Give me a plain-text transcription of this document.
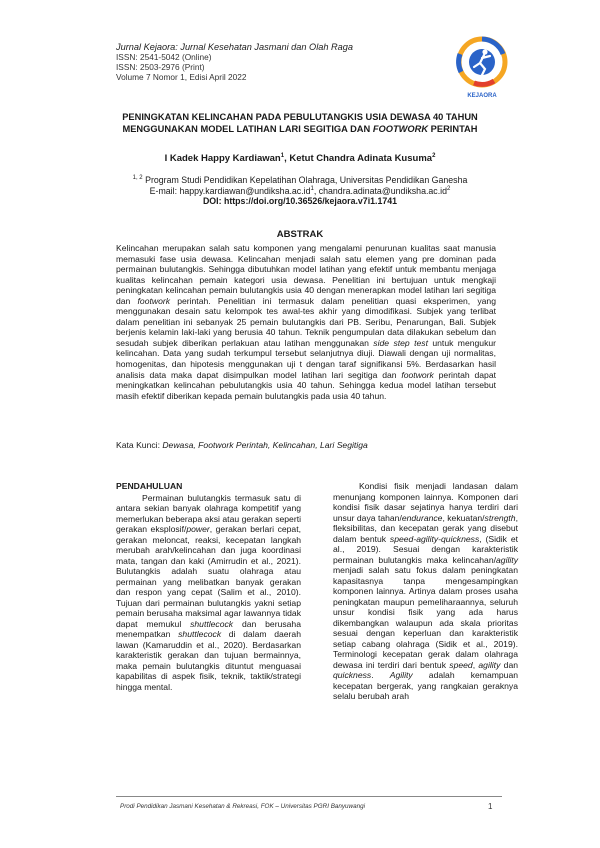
Jurnal Kejaora: Jurnal Kesehatan Jasmani dan Olah Raga
ISSN: 2541-5042 (Online)
ISSN: 2503-2976 (Print)
Volume 7 Nomor 1, Edisi April 2022
KEJAORA
PENINGKATAN KELINCAHAN PADA PEBULUTANGKIS USIA DEWASA 40 TAHUN
MENGGUNAKAN MODEL LATIHAN LARI SEGITIGA DAN FOOTWORK PERINTAH
I Kadek Happy Kardiawan$^1$, Ketut Chandra Adinata Kusuma$^2$
$^{1, 2}$ Program Studi Pendidikan Kepelatihan Olahraga, Universitas Pendidikan Ganesha
E-mail: $happy.kardiawan@undiksha.ac.id^1$, $chandra.adinata@undiksha.ac.id^2$
DOI: https://doi.org/10.36526/kejaora.v7i1.1741
ABSTRAK
Kelincahan merupakan salah satu komponen yang mengalami penurunan kualitas saat manusia memasuki fase usia dewasa. Kelincahan menjadi salah satu elemen yang pre dominan pada permainan bulutangkis. Sehingga dibutuhkan model latihan yang efektif untuk membantu menjaga kualitas kelincahan pemain kategori usia dewasa. Penelitian ini bertujuan untuk mengkaji peningkatan kelincahan pemain bulutangkis usia 40 dengan menerapkan model latihan lari segitiga dan footwork perintah. Penelitian ini termasuk dalam penelitian quasi eksperimen, yang menggunakan desain satu kelompok tes awal-tes akhir yang dimodifikasi. Subjek yang terlibat dalam penelitian ini sebanyak 25 pemain bulutangkis dari PB. Seribu, Penarungan, Bali. Subjek berjenis kelamin laki-laki yang berusia 40 tahun. Teknik pengumpulan data dilakukan sebelum dan sesudah subjek diberikan perlakuan atau latihan menggunakan side step test untuk mengukur kelincahan. Data yang sudah terkumpul tersebut selanjutnya diuji. Diawali dengan uji normalitas, homogenitas, dan hipotesis menggunakan uji t dengan taraf signifikansi 5%. Berdasarkan hasil analisis data maka dapat disimpulkan model latihan lari segitiga dan footwork perintah dapat meningkatkan kelincahan pebulutangkis usia 40 tahun. Sehingga kedua model latihan tersebut masih efektif diberikan kepada pemain bulutangkis pada usia 40 tahun.
Kata Kunci: Dewasa, Footwork Perintah, Kelincahan, Lari Segitiga
PENDAHULUAN

Permainan bulutangkis termasuk satu di antara sekian banyak olahraga kompetitif yang memerlukan beberapa aksi atau gerakan seperti gerakan eksplosif/power, gerakan berlari cepat, gerakan meloncat, reaksi, kecepatan langkah merubah arah/kelincahan dan juga koordinasi mata, tangan dan kaki (Amirrudin et al., 2021). Bulutangkis adalah suatu olahraga atau permainan yang melibatkan banyak gerakan dan respon yang cepat (Salim et al., 2010). Tujuan dari permainan bulutangkis yakni setiap pemain berusaha maksimal agar lawannya tidak dapat memukul shuttlecock dan berusaha menempatkan shuttlecock di dalam daerah lawan (Kamaruddin et al., 2020). Berdasarkan karakteristik gerakan dan tujuan bermainnya, maka pemain bulutangkis dituntut menguasai kapabilitas di aspek fisik, teknik, taktik/strategi hingga mental.

Kondisi fisik menjadi landasan dalam menunjang komponen lainnya. Komponen dari kondisi fisik dasar sejatinya hanya terdiri dari unsur daya tahan/endurance, kekuatan/strength, fleksibilitas, dan kecepatan gerak yang disebut dalam bentuk speed-agility-quickness, (Sidik et al., 2019). Sesuai dengan karakteristik permainan bulutangkis maka kelincahan/agility menjadi salah satu fokus dalam peningkatan kapasitasnya tanpa mengesampingkan komponen lainnya. Artinya dalam proses usaha peningkatan maupun pemeliharaannya, seluruh unsur kondisi fisik yang ada harus dikembangkan walaupun ada skala prioritas sesuai dengan keperluan dan karakteristik setiap cabang olahraga (Sidik et al., 2019). Terminologi kecepatan gerak dalam olahraga dewasa ini terdiri dari bentuk speed, agility dan quickness. Agility adalah kemampuan kecepatan bergerak, yang rangkaian geraknya selalu berubah arah

Prodi Pendidikan Jasmani Kesehatan & Rekreasi, FOK – Universitas PGRI Banyuwangi	1
